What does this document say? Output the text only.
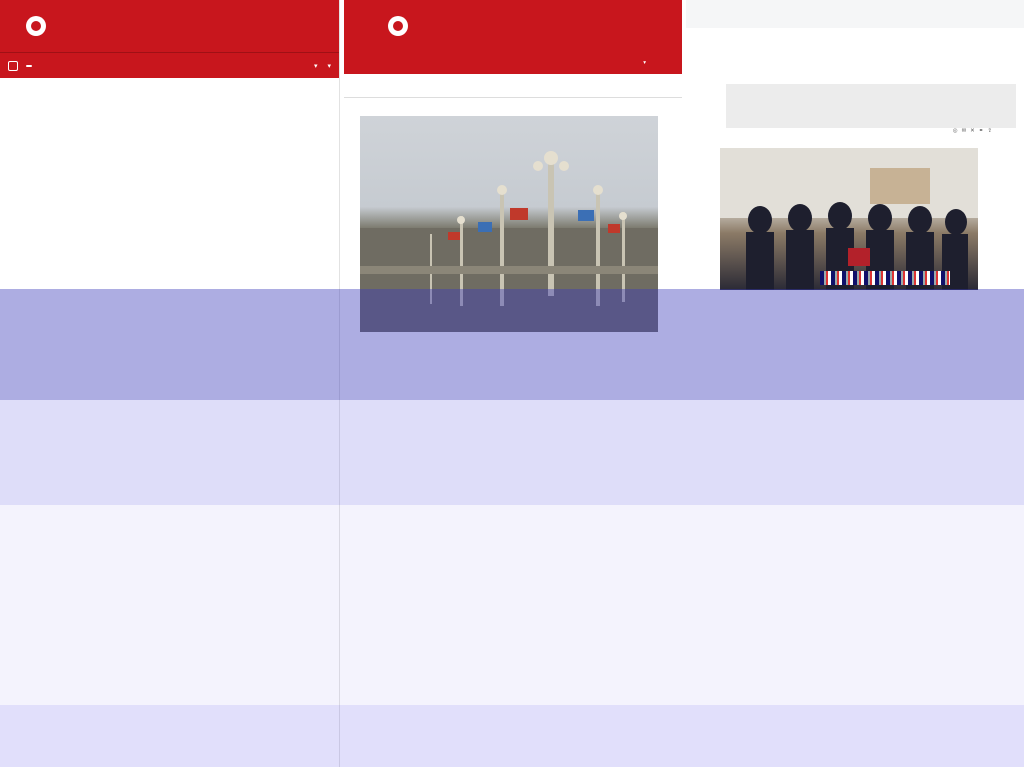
▾ ▾	▾

◎ ✉ ✕ ⚭ ⇪
